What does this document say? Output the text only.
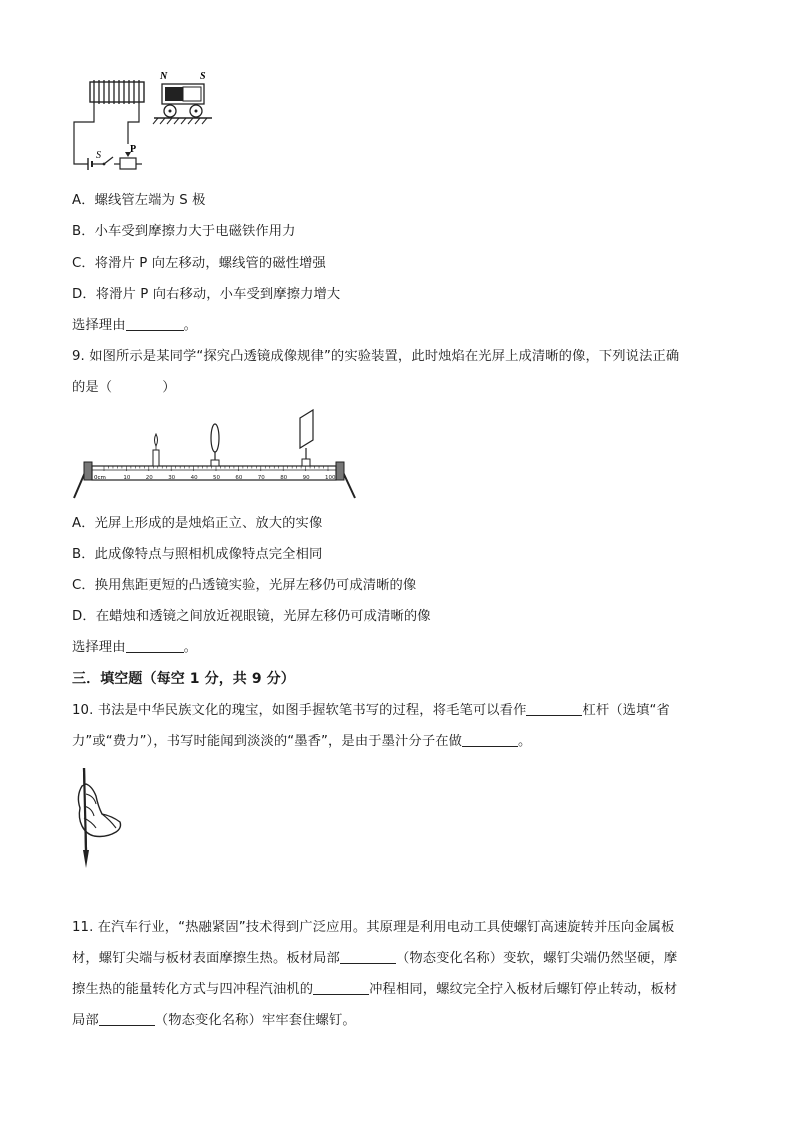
S
P
N	S
A．螺线管左端为 S 极
B．小车受到摩擦力大于电磁铁作用力
C．将滑片 P 向左移动，螺线管的磁性增强
D．将滑片 P 向右移动，小车受到摩擦力增大
选择理由	。
9. 如图所示是某同学“探究凸透镜成像规律”的实验装置，此时烛焰在光屏上成清晰的像，下列说法正确
的是（	）
10	20	30	40	50	60	70	80	90	100
0cm
A．光屏上形成的是烛焰正立、放大的实像
B．此成像特点与照相机成像特点完全相同
C．换用焦距更短的凸透镜实验，光屏左移仍可成清晰的像
D．在蜡烛和透镜之间放近视眼镜，光屏左移仍可成清晰的像
选择理由	。
三．填空题（每空 1 分，共 9 分）
10. 书法是中华民族文化的瑰宝，如图手握软笔书写的过程，将毛笔可以看作	杠杆（选填“省
力”或“费力”），书写时能闻到淡淡的“墨香”，是由于墨汁分子在做	。
11. 在汽车行业，“热融紧固”技术得到广泛应用。其原理是利用电动工具使螺钉高速旋转并压向金属板
材，螺钉尖端与板材表面摩擦生热。板材局部	（物态变化名称）变软，螺钉尖端仍然坚硬，摩
擦生热的能量转化方式与四冲程汽油机的	冲程相同，螺纹完全拧入板材后螺钉停止转动，板材
局部	（物态变化名称）牢牢套住螺钉。
